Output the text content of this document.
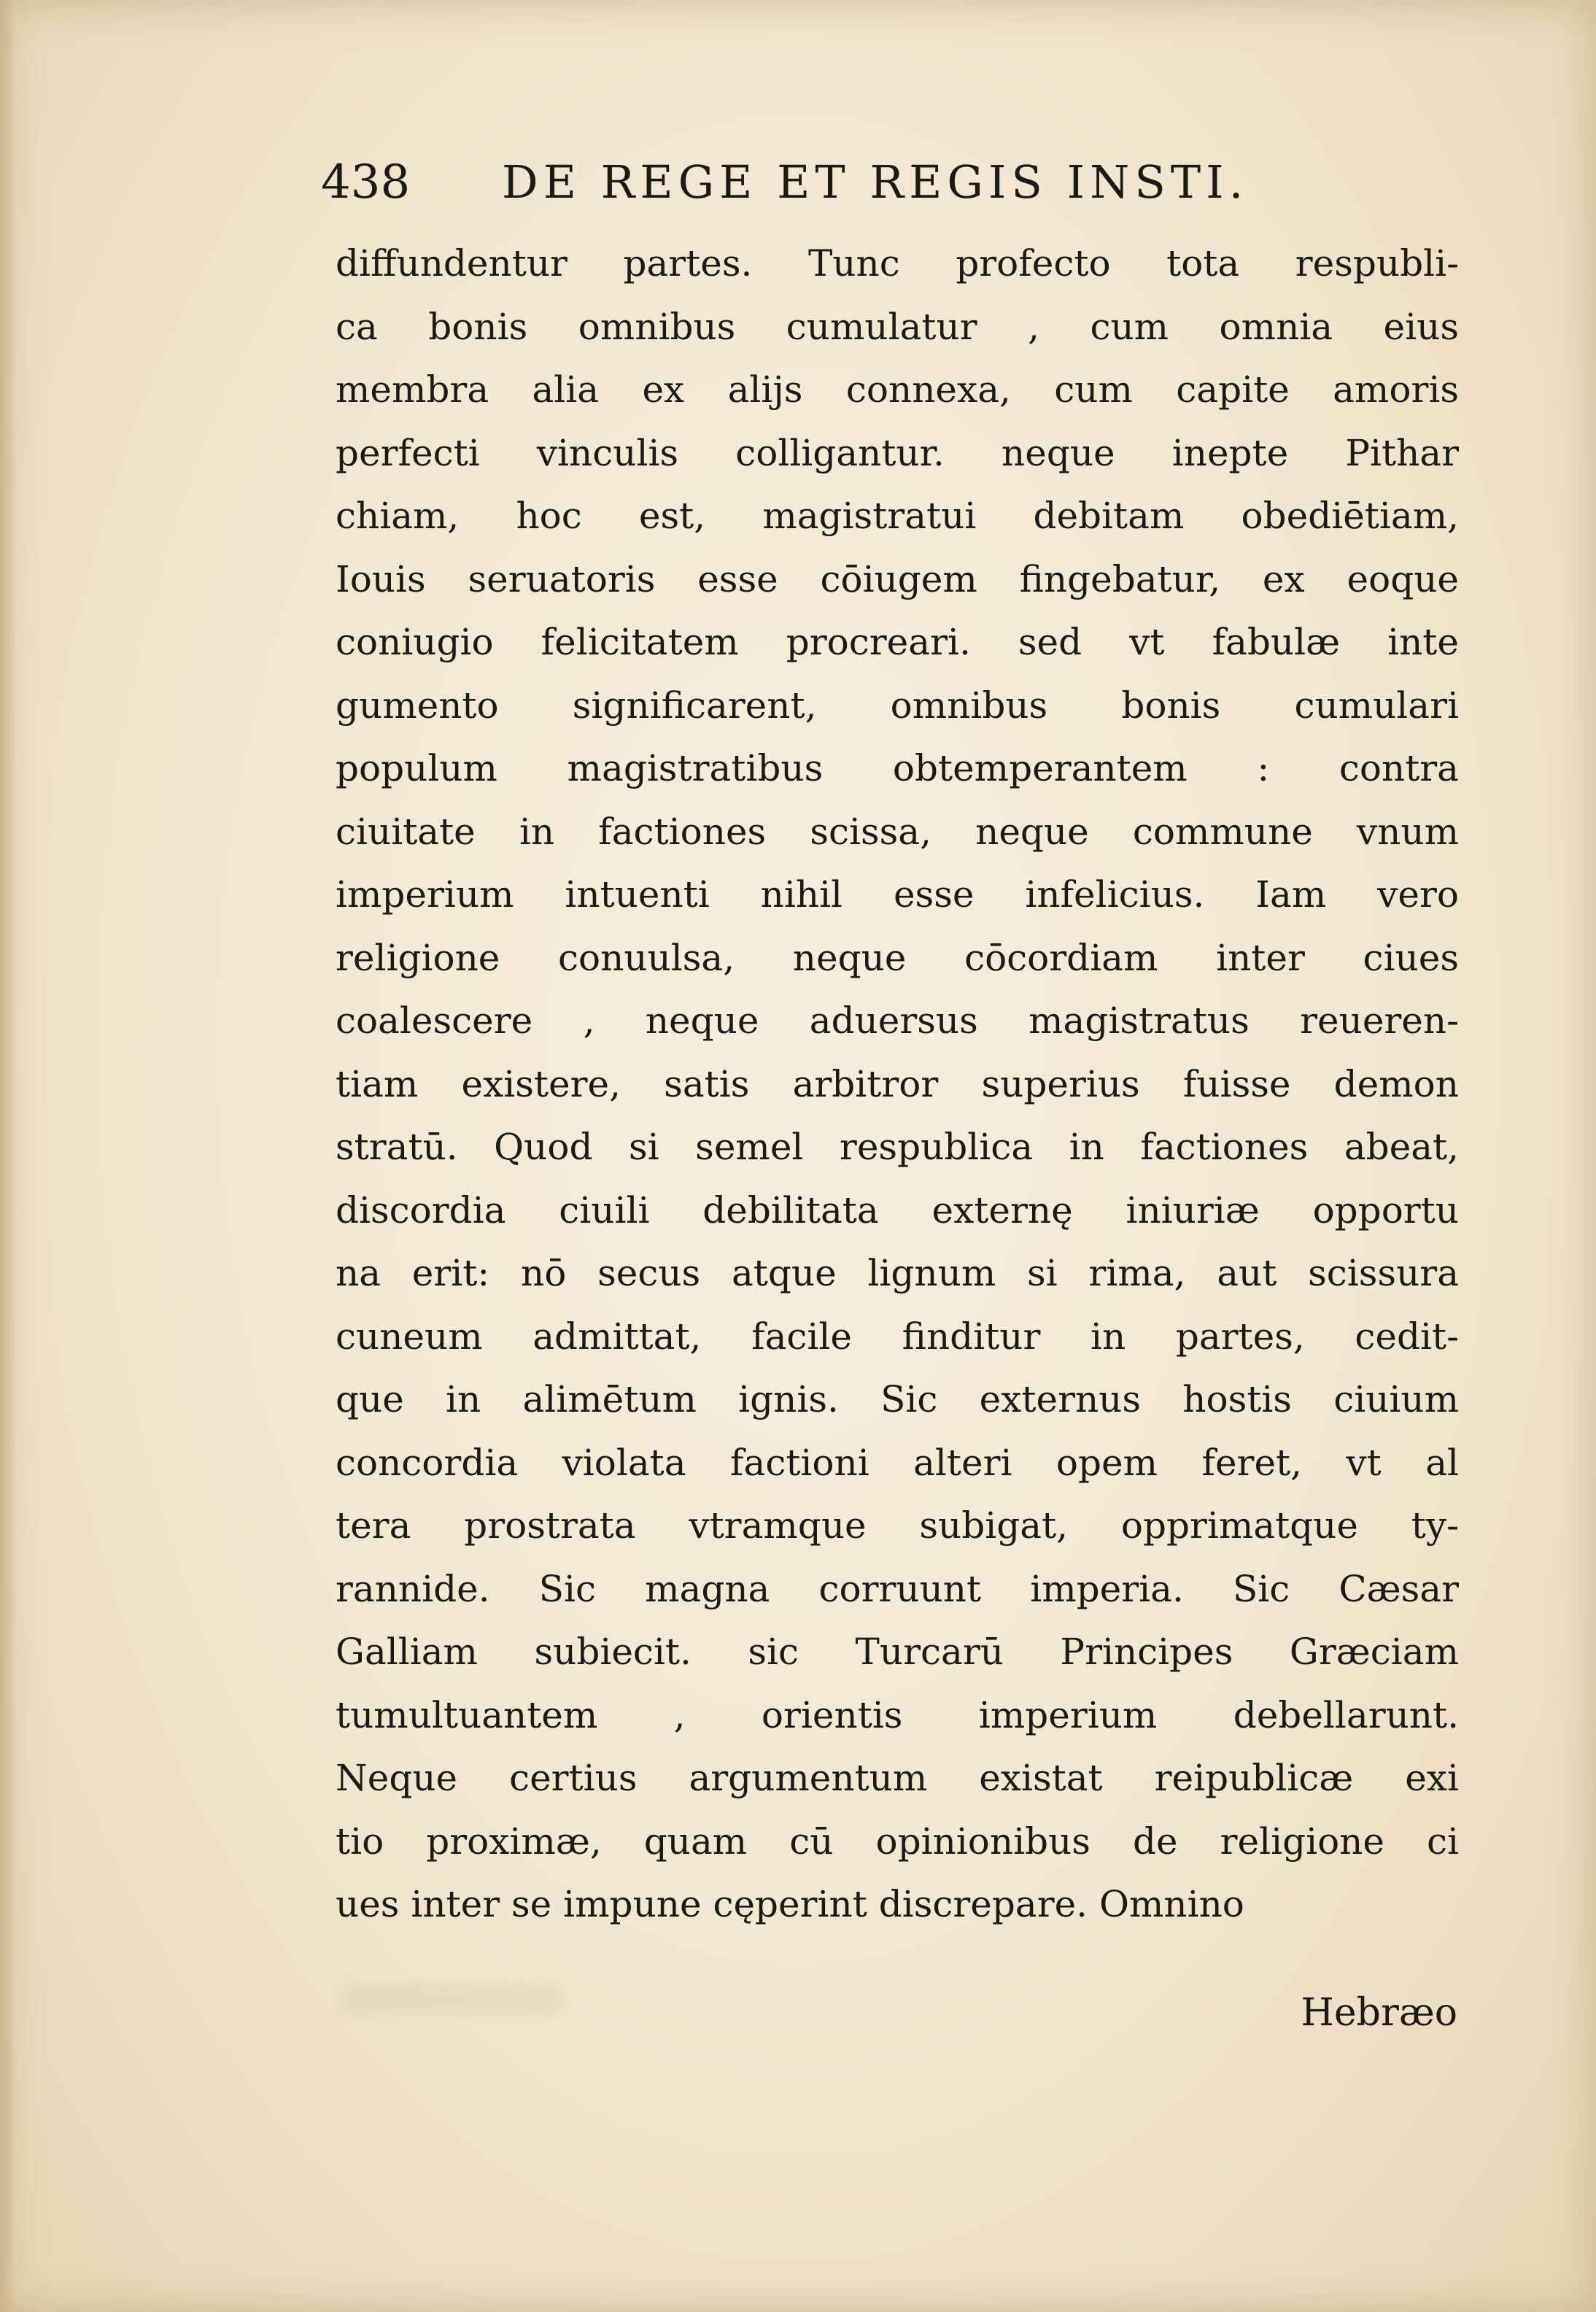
438 DE REGE ET REGIS INSTI.
diffundentur partes. Tunc profecto tota respubli-
ca bonis omnibus cumulatur , cum omnia eius
membra alia ex alijs connexa, cum capite amoris
perfecti vinculis colligantur. neque inepte Pithar
chiam, hoc est, magistratui debitam obediētiam,
Iouis seruatoris esse cōiugem fingebatur, ex eoque
coniugio felicitatem procreari. sed vt fabulæ inte
gumento significarent, omnibus bonis cumulari
populum magistratibus obtemperantem : contra
ciuitate in factiones scissa, neque commune vnum
imperium intuenti nihil esse infelicius. Iam vero
religione conuulsa, neque cōcordiam inter ciues
coalescere , neque aduersus magistratus reueren-
tiam existere, satis arbitror superius fuisse demon
stratū. Quod si semel respublica in factiones abeat,
discordia ciuili debilitata externę iniuriæ opportu
na erit: nō secus atque lignum si rima, aut scissura
cuneum admittat, facile finditur in partes, cedit-
que in alimētum ignis. Sic externus hostis ciuium
concordia violata factioni alteri opem feret, vt al
tera prostrata vtramque subigat, opprimatque ty-
rannide. Sic magna corruunt imperia. Sic Cæsar
Galliam subiecit. sic Turcarū Principes Græciam
tumultuantem , orientis imperium debellarunt.
Neque certius argumentum existat reipublicæ exi
tio proximæ, quam cū opinionibus de religione ci
ues inter se impune cęperint discrepare. Omnino
Hebræo
